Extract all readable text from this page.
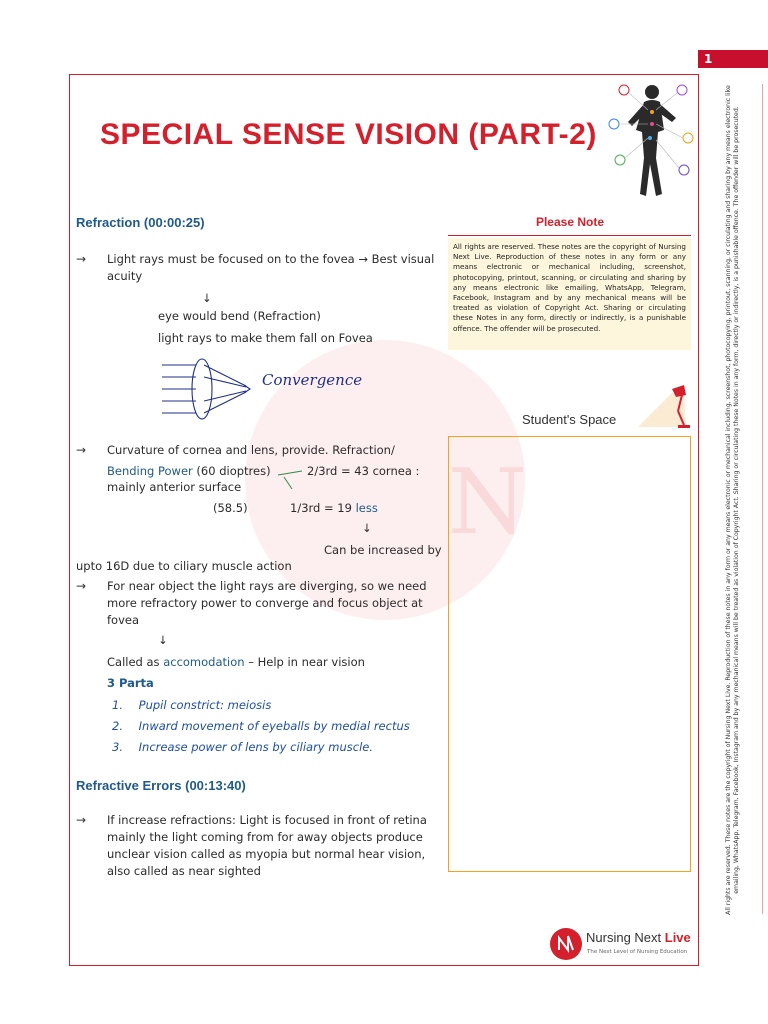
1
All rights are reserved. These notes are the copyright of Nursing Next Live. Reproduction of these notes in any form or any means electronic or mechanical including, screenshot, photocopying, printout, scanning, or circulating and sharing by any means electronic like emailing, WhatsApp, Telegram, Facebook, Instagram and by any mechanical means will be treated as violation of Copyright Act. Sharing or circulating these Notes in any form, directly or indirectly, is a punishable offence. The offender will be prosecuted.
N
SPECIAL SENSE VISION (PART-2)
Refraction (00:00:25)
→ Light rays must be focused on to the fovea → Best visual acuity
↓
eye would bend (Refraction)
light rays to make them fall on Fovea
Convergence
→ Curvature of cornea and lens, provide. Refraction/
Bending Power (60 dioptres)	2/3rd = 43 cornea :
mainly anterior surface
(58.5)	1/3rd = 19 less
↓
Can be increased by
upto 16D due to ciliary muscle action
→ For near object the light rays are diverging, so we need more refractory power to converge and focus object at fovea
↓
Called as accomodation – Help in near vision
3 Parta
1. Pupil constrict: meiosis
2. Inward movement of eyeballs by medial rectus
3. Increase power of lens by ciliary muscle.
Refractive Errors (00:13:40)
→ If increase refractions: Light is focused in front of retina mainly the light coming from for away objects produce unclear vision called as myopia but normal hear vision, also called as near sighted
Please Note
All rights are reserved. These notes are the copyright of Nursing Next Live. Reproduction of these notes in any form or any means electronic or mechanical including, screenshot, photocopying, printout, scanning, or circulating and sharing by any means electronic like emailing, WhatsApp, Telegram, Facebook, Instagram and by any mechanical means will be treated as violation of Copyright Act. Sharing or circulating these Notes in any form, directly or indirectly, is a punishable offence. The offender will be prosecuted.
Student's Space
Nursing Next Live
The Next Level of Nursing Education
